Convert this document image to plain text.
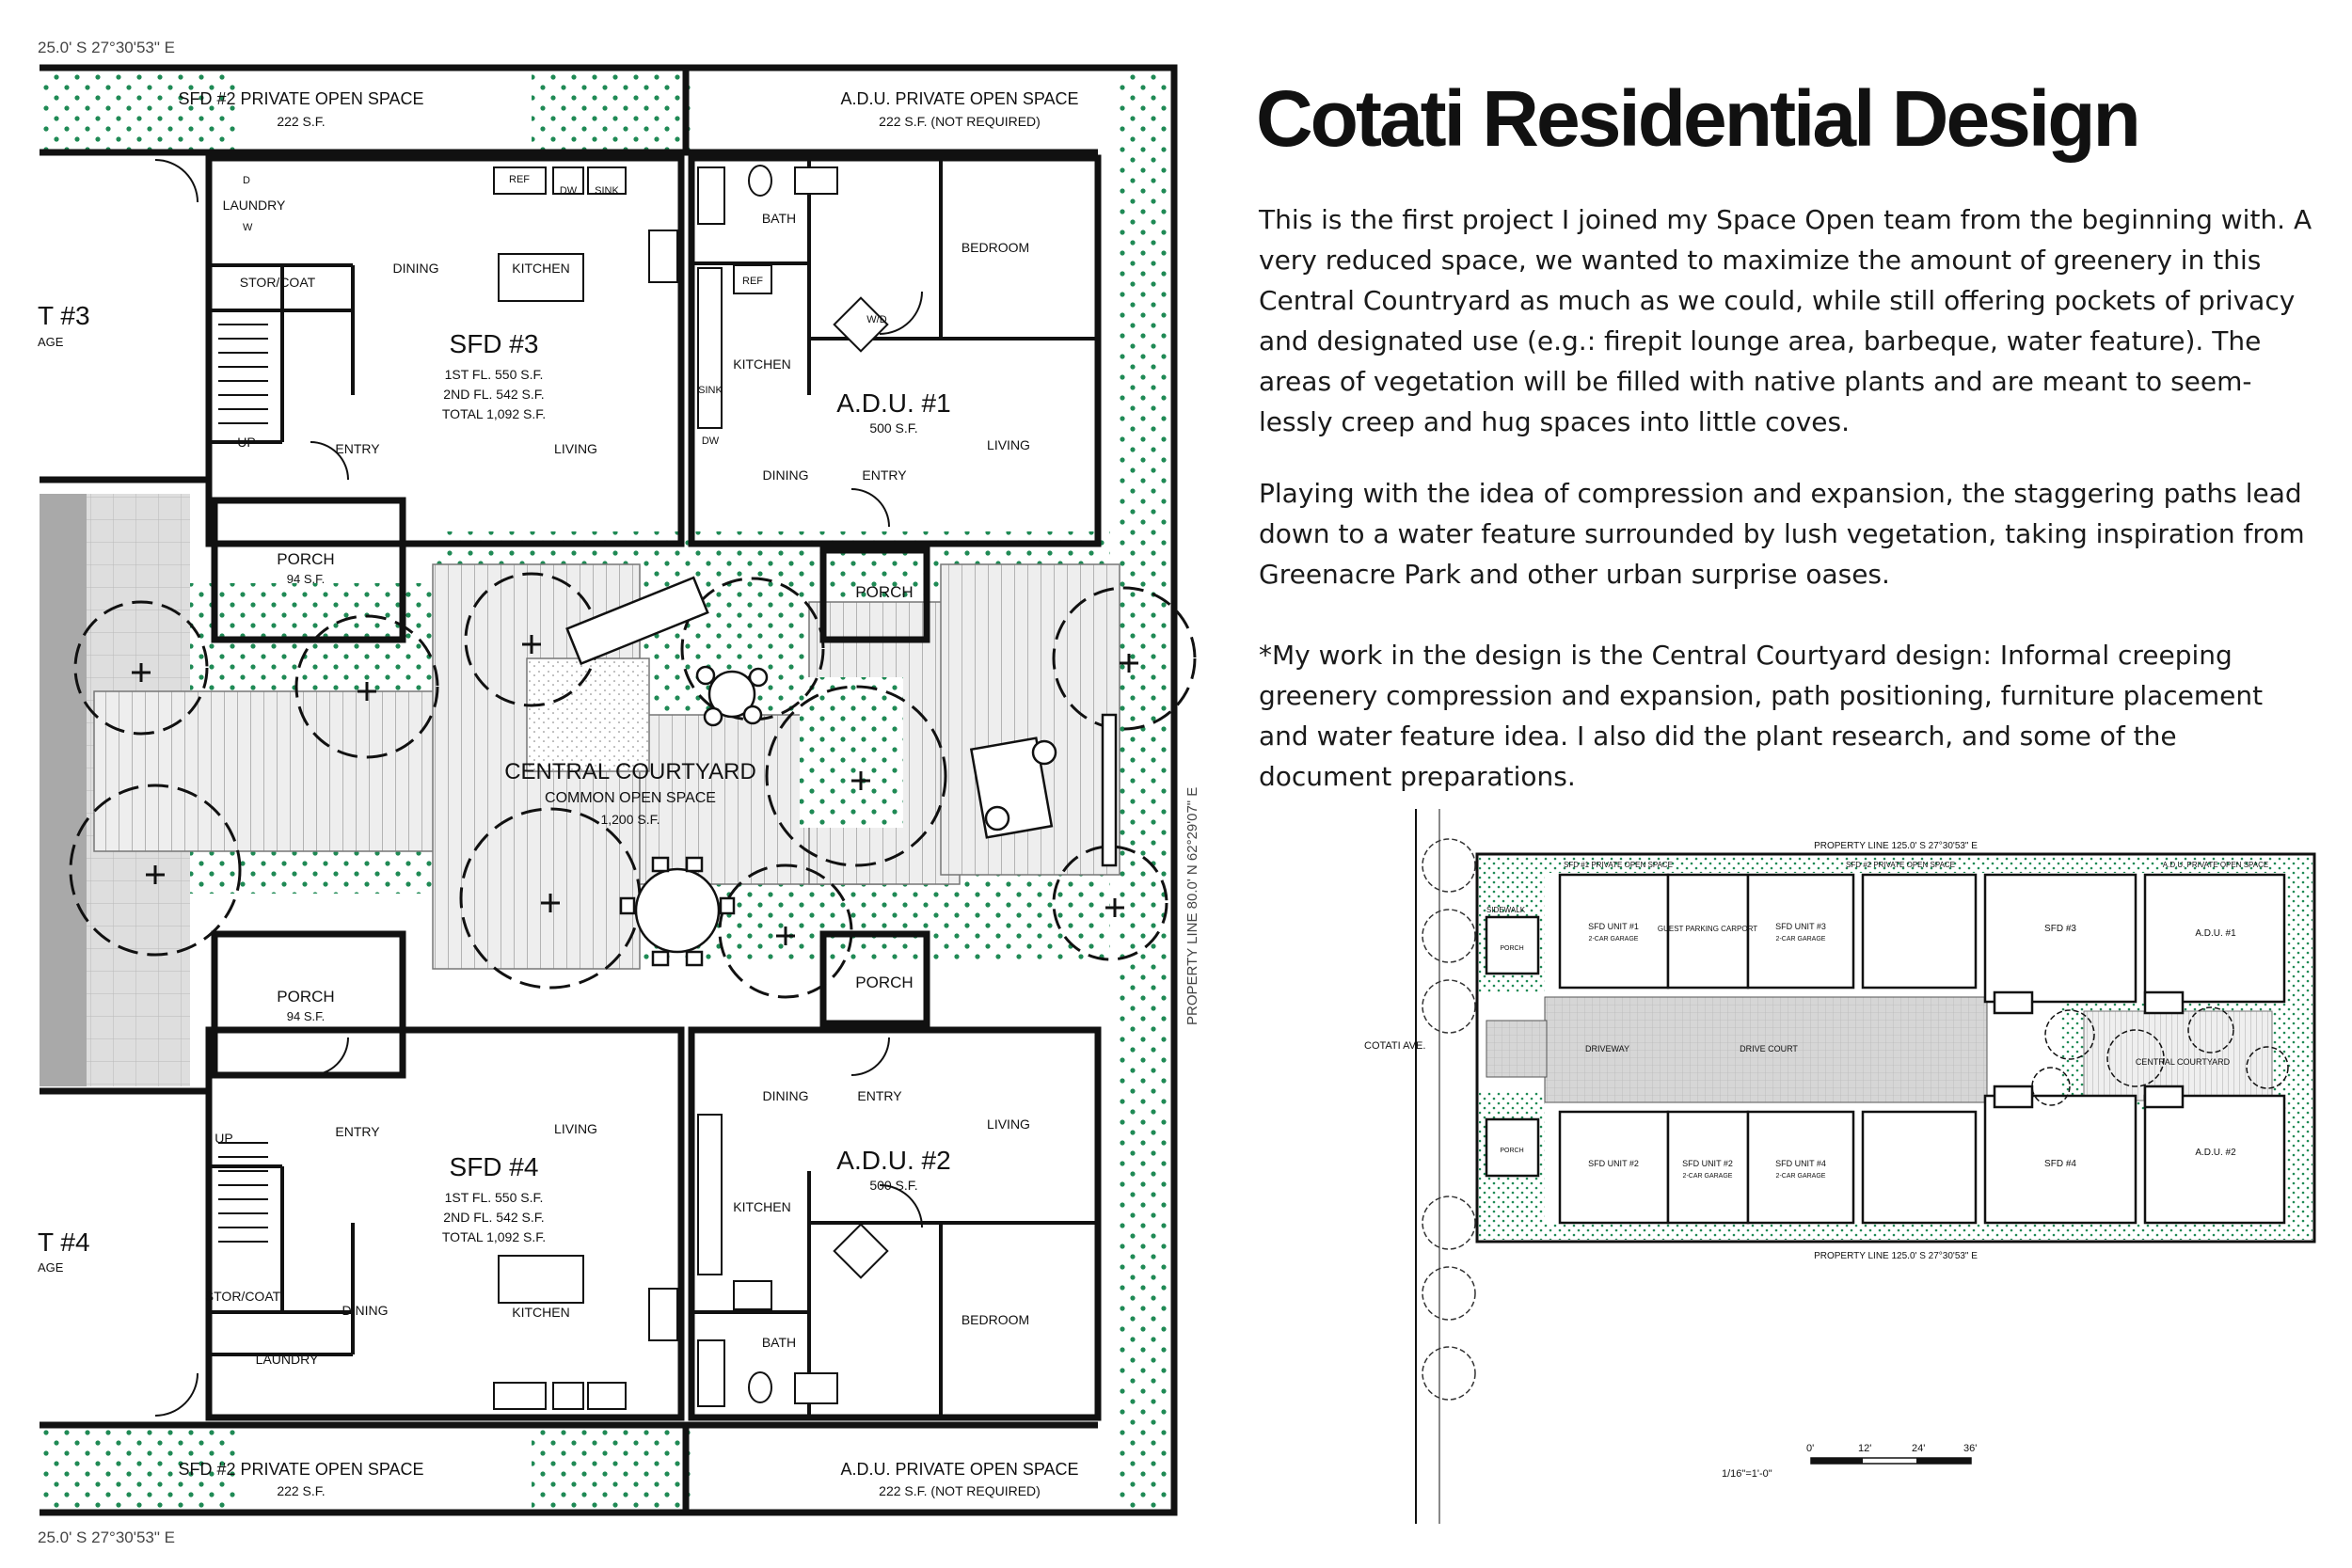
25.0' S 27°30'53" E
25.0' S 27°30'53" E
PROPERTY LINE 80.0' N 62°29'07" E
SFD #2 PRIVATE OPEN SPACE
222 S.F.
A.D.U. PRIVATE OPEN SPACE
222 S.F. (NOT REQUIRED)
SFD #2 PRIVATE OPEN SPACE
222 S.F.
A.D.U. PRIVATE OPEN SPACE
222 S.F. (NOT REQUIRED)
T #3
AGE
T #4
AGE
SFD #3
1ST FL. 550 S.F.
2ND FL. 542 S.F.
TOTAL 1,092 S.F.
SFD #4
1ST FL. 550 S.F.
2ND FL. 542 S.F.
TOTAL 1,092 S.F.
A.D.U. #1
500 S.F.
A.D.U. #2
500 S.F.
LAUNDRY
STOR/COAT
DINING	KITCHEN
LIVING
ENTRY
UP
BATH
BEDROOM
KITCHEN
LIVING
DINING	ENTRY
W/D
REF
DW SINK
REF
SINK
DW
D
W
PORCH
94 S.F.
PORCH
PORCH
94 S.F.
PORCH
UP	ENTRY	LIVING
STOR/COAT
DINING	KITCHEN
LAUNDRY
DINING	ENTRY
LIVING
KITCHEN
BEDROOM
BATH
CENTRAL COURTYARD
COMMON OPEN SPACE
1,200 S.F.
Cotati Residential Design

This is the first project I joined my Space Open team from the beginning with. A very reduced space, we wanted to maximize the amount of greenery in this Central Countryard as much as we could, while still offering pockets of privacy and designated use (e.g.: firepit lounge area, barbeque, water feature). The areas of vegetation will be filled with native plants and are meant to seem-lessly creep and hug spaces into little coves.

Playing with the idea of compression and expansion, the staggering paths lead down to a water feature surrounded by lush vegetation, taking inspiration from Greenacre Park and other urban surprise oases.

*My work in the design is the Central Courtyard design: Informal creeping greenery compression and expansion, path positioning, furniture placement and water feature idea. I also did the plant research, and some of the document preparations.

PROPERTY LINE 125.0' S 27°30'53" E
PROPERTY LINE 125.0' S 27°30'53" E
COTATI AVE.	DRIVEWAY	DRIVE COURT
SIDEWALK
GUEST PARKING CARPORT
SFD #1 PRIVATE OPEN SPACE	SFD #2 PRIVATE OPEN SPACE	A.D.U. PRIVATE OPEN SPACE
SFD UNIT #1
2-CAR GARAGE
SFD UNIT #3
2-CAR GARAGE
SFD UNIT #2	SFD UNIT #2
2-CAR GARAGE
SFD UNIT #4
2-CAR GARAGE
SFD #3
SFD #4
A.D.U. #1
A.D.U. #2
PORCH
PORCH
CENTRAL COURTYARD
0'	12'	24'	36'
1/16"=1'-0"
